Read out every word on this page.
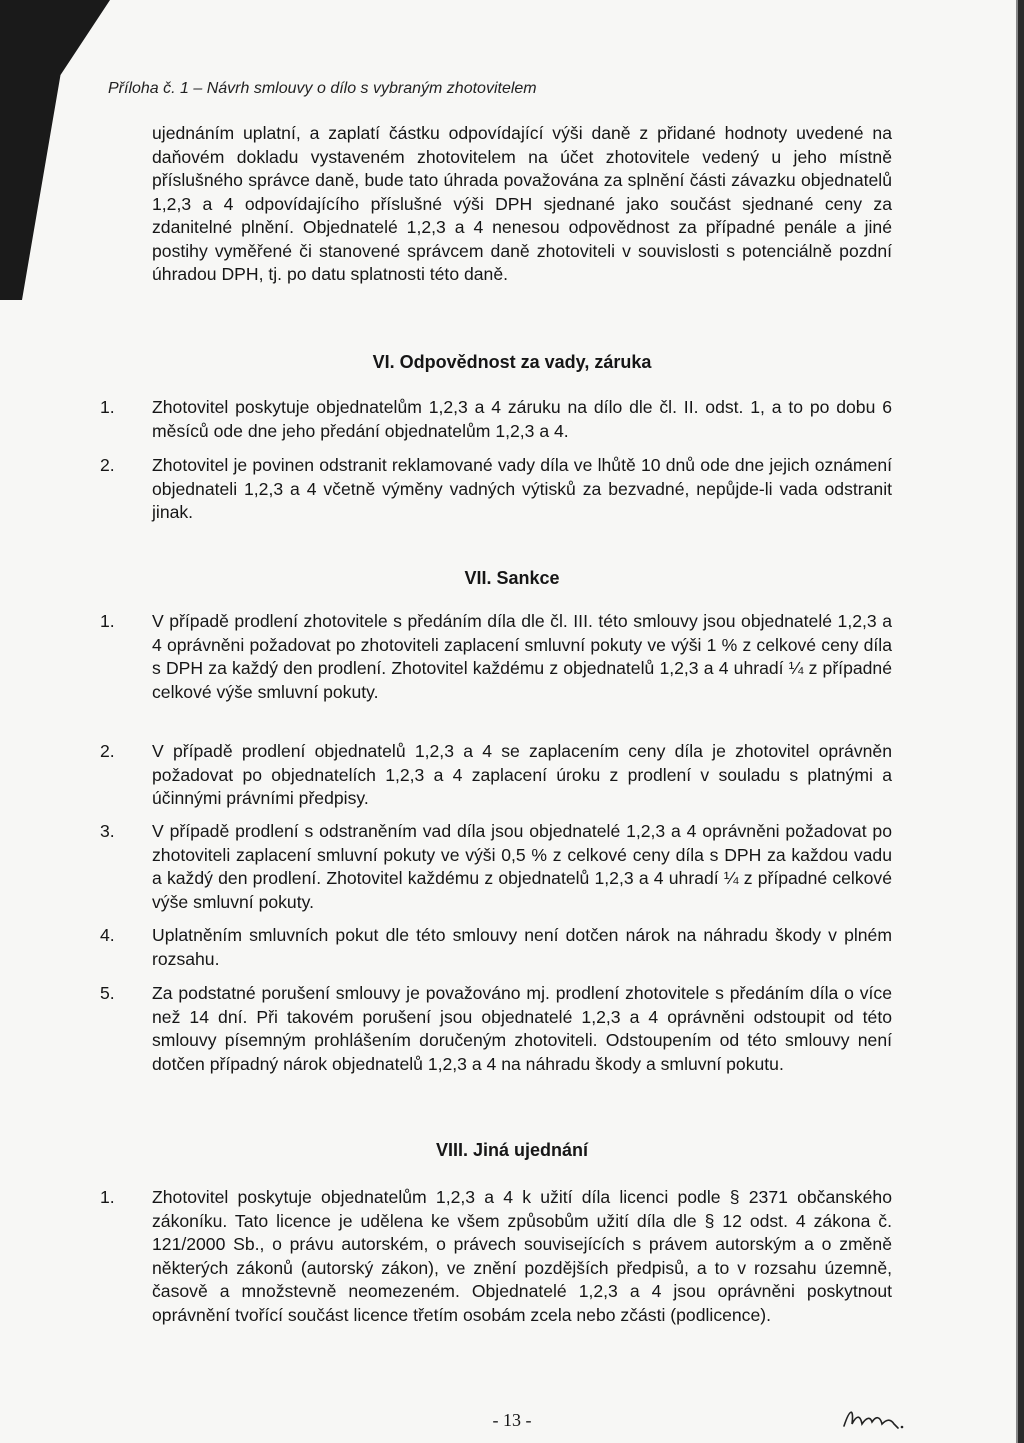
Příloha č. 1 – Návrh smlouvy o dílo s vybraným zhotovitelem
ujednáním uplatní, a zaplatí částku odpovídající výši daně z přidané hodnoty uvedené na daňovém dokladu vystaveném zhotovitelem na účet zhotovitele vedený u jeho místně příslušného správce daně, bude tato úhrada považována za splnění části závazku objednatelů 1,2,3 a 4 odpovídajícího příslušné výši DPH sjednané jako součást sjednané ceny za zdanitelné plnění. Objednatelé 1,2,3 a 4 nenesou odpovědnost za případné penále a jiné postihy vyměřené či stanovené správcem daně zhotoviteli v souvislosti s potenciálně pozdní úhradou DPH, tj. po datu splatnosti této daně.
VI. Odpovědnost za vady, záruka
1.	Zhotovitel poskytuje objednatelům 1,2,3 a 4 záruku na dílo dle čl. II. odst. 1, a to po dobu 6 měsíců ode dne jeho předání objednatelům 1,2,3 a 4.
2.	Zhotovitel je povinen odstranit reklamované vady díla ve lhůtě 10 dnů ode dne jejich oznámení objednateli 1,2,3 a 4 včetně výměny vadných výtisků za bezvadné, nepůjde-li vada odstranit jinak.
VII. Sankce
1.	V případě prodlení zhotovitele s předáním díla dle čl. III. této smlouvy jsou objednatelé 1,2,3 a 4 oprávněni požadovat po zhotoviteli zaplacení smluvní pokuty ve výši 1 % z celkové ceny díla s DPH za každý den prodlení. Zhotovitel každému z objednatelů 1,2,3 a 4 uhradí ¼ z případné celkové výše smluvní pokuty.
2.	V případě prodlení objednatelů 1,2,3 a 4 se zaplacením ceny díla je zhotovitel oprávněn požadovat po objednatelích 1,2,3 a 4 zaplacení úroku z prodlení v souladu s platnými a účinnými právními předpisy.
3.	V případě prodlení s odstraněním vad díla jsou objednatelé 1,2,3 a 4 oprávněni požadovat po zhotoviteli zaplacení smluvní pokuty ve výši 0,5 % z celkové ceny díla s DPH za každou vadu a každý den prodlení. Zhotovitel každému z objednatelů 1,2,3 a 4 uhradí ¼ z případné celkové výše smluvní pokuty.
4.	Uplatněním smluvních pokut dle této smlouvy není dotčen nárok na náhradu škody v plném rozsahu.
5.	Za podstatné porušení smlouvy je považováno mj. prodlení zhotovitele s předáním díla o více než 14 dní. Při takovém porušení jsou objednatelé 1,2,3 a 4 oprávněni odstoupit od této smlouvy písemným prohlášením doručeným zhotoviteli. Odstoupením od této smlouvy není dotčen případný nárok objednatelů 1,2,3 a 4 na náhradu škody a smluvní pokutu.
VIII. Jiná ujednání
1.	Zhotovitel poskytuje objednatelům 1,2,3 a 4 k užití díla licenci podle § 2371 občanského zákoníku. Tato licence je udělena ke všem způsobům užití díla dle § 12 odst. 4 zákona č. 121/2000 Sb., o právu autorském, o právech souvisejících s právem autorským a o změně některých zákonů (autorský zákon), ve znění pozdějších předpisů, a to v rozsahu územně, časově a množstevně neomezeném. Objednatelé 1,2,3 a 4 jsou oprávněni poskytnout oprávnění tvořící součást licence třetím osobám zcela nebo zčásti (podlicence).
- 13 -
